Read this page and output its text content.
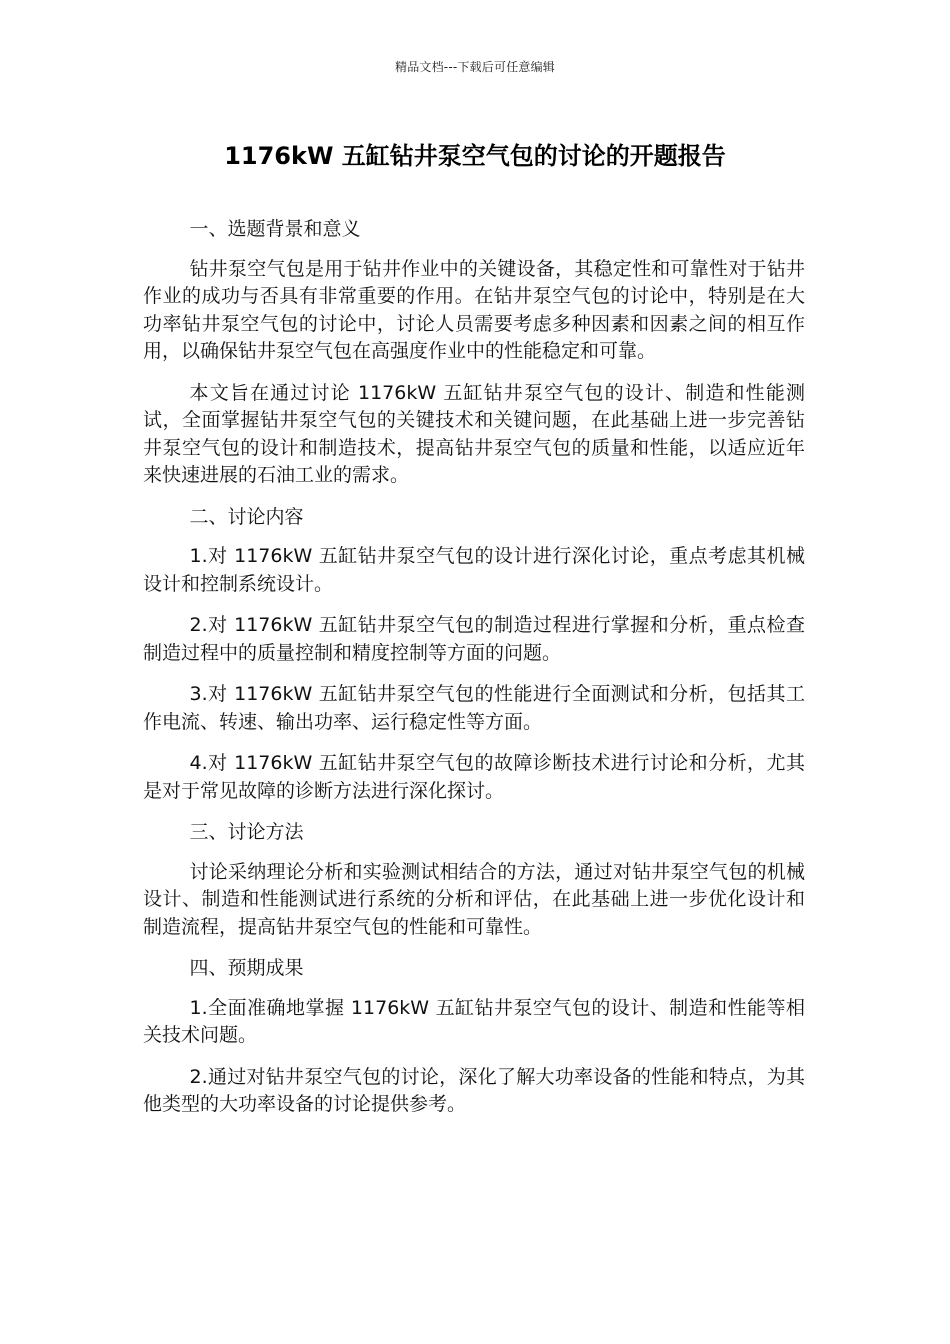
精品文档---下载后可任意编辑
1176kW 五缸钻井泵空气包的讨论的开题报告

一、选题背景和意义

钻井泵空气包是用于钻井作业中的关键设备，其稳定性和可靠性对于钻井作业的成功与否具有非常重要的作用。在钻井泵空气包的讨论中，特别是在大功率钻井泵空气包的讨论中，讨论人员需要考虑多种因素和因素之间的相互作用，以确保钻井泵空气包在高强度作业中的性能稳定和可靠。

本文旨在通过讨论 1176kW 五缸钻井泵空气包的设计、制造和性能测试，全面掌握钻井泵空气包的关键技术和关键问题，在此基础上进一步完善钻井泵空气包的设计和制造技术，提高钻井泵空气包的质量和性能，以适应近年来快速进展的石油工业的需求。

二、讨论内容

1.对 1176kW 五缸钻井泵空气包的设计进行深化讨论，重点考虑其机械设计和控制系统设计。

2.对 1176kW 五缸钻井泵空气包的制造过程进行掌握和分析，重点检查制造过程中的质量控制和精度控制等方面的问题。

3.对 1176kW 五缸钻井泵空气包的性能进行全面测试和分析，包括其工作电流、转速、输出功率、运行稳定性等方面。

4.对 1176kW 五缸钻井泵空气包的故障诊断技术进行讨论和分析，尤其是对于常见故障的诊断方法进行深化探讨。

三、讨论方法

讨论采纳理论分析和实验测试相结合的方法，通过对钻井泵空气包的机械设计、制造和性能测试进行系统的分析和评估，在此基础上进一步优化设计和制造流程，提高钻井泵空气包的性能和可靠性。

四、预期成果

1.全面准确地掌握 1176kW 五缸钻井泵空气包的设计、制造和性能等相关技术问题。

2.通过对钻井泵空气包的讨论，深化了解大功率设备的性能和特点，为其他类型的大功率设备的讨论提供参考。
